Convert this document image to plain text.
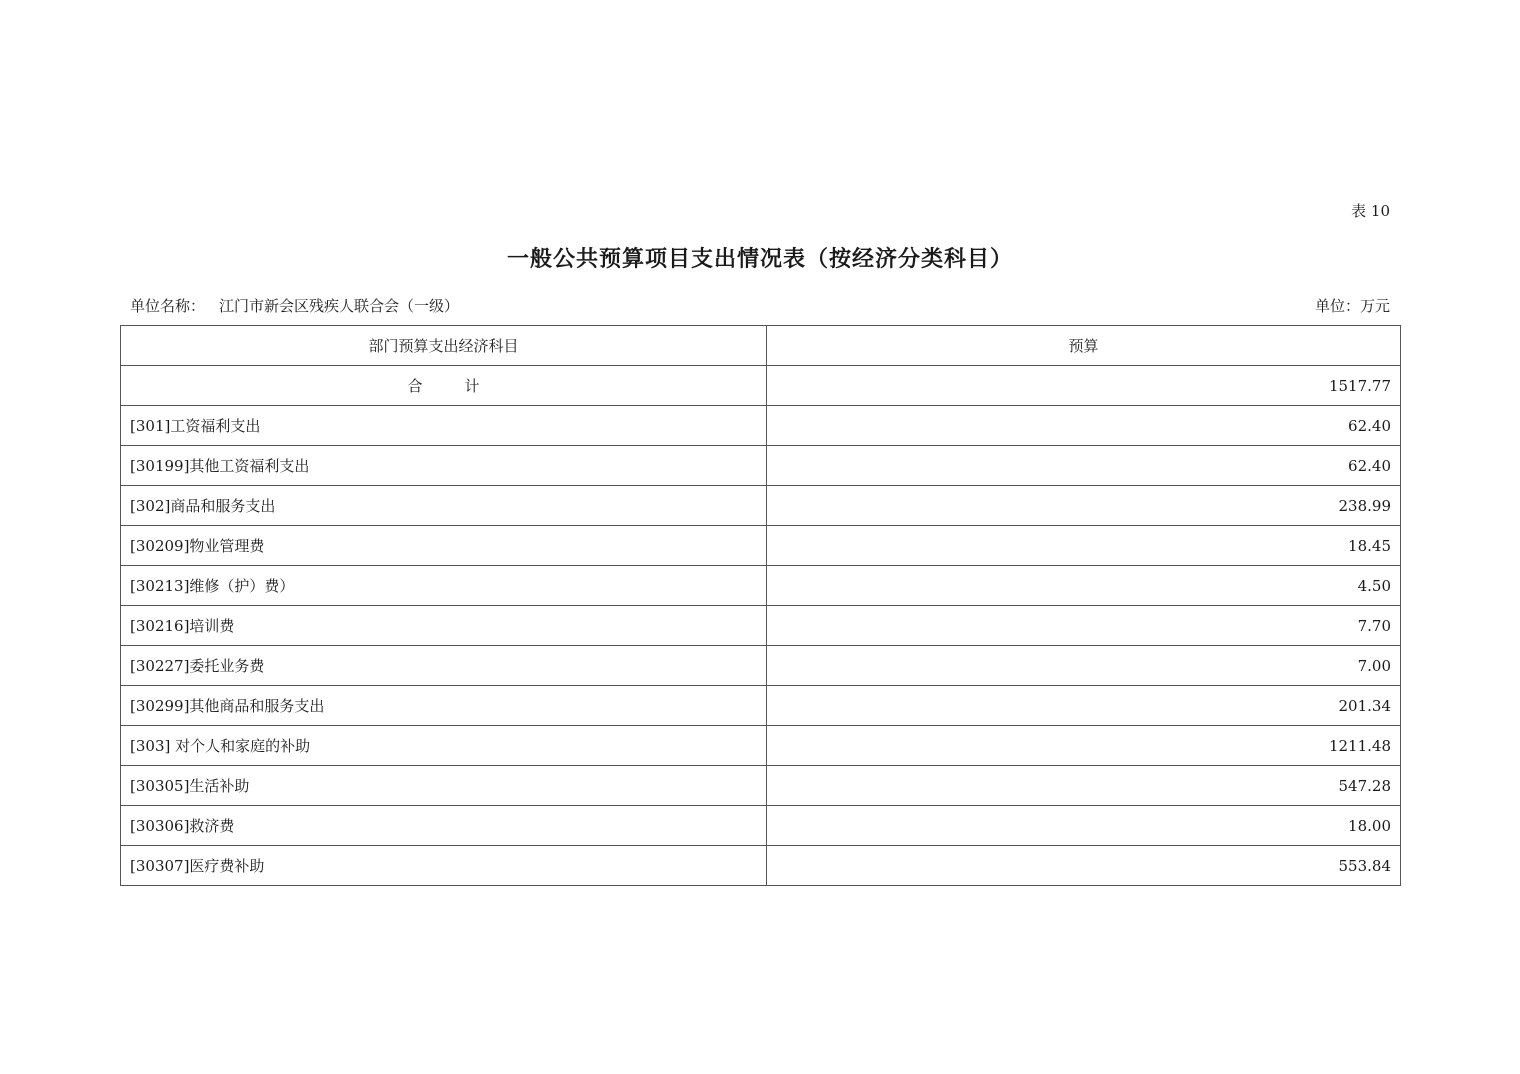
表 10
一般公共预算项目支出情况表（按经济分类科目）
单位名称： 江门市新会区残疾人联合会（一级）	单位：万元
部门预算支出经济科目	预算
合 计	1517.77
[301]工资福利支出	62.40
[30199]其他工资福利支出	62.40
[302]商品和服务支出	238.99
[30209]物业管理费	18.45
[30213]维修（护）费）	4.50
[30216]培训费	7.70
[30227]委托业务费	7.00
[30299]其他商品和服务支出	201.34
[303] 对个人和家庭的补助	1211.48
[30305]生活补助	547.28
[30306]救济费	18.00
[30307]医疗费补助	553.84
